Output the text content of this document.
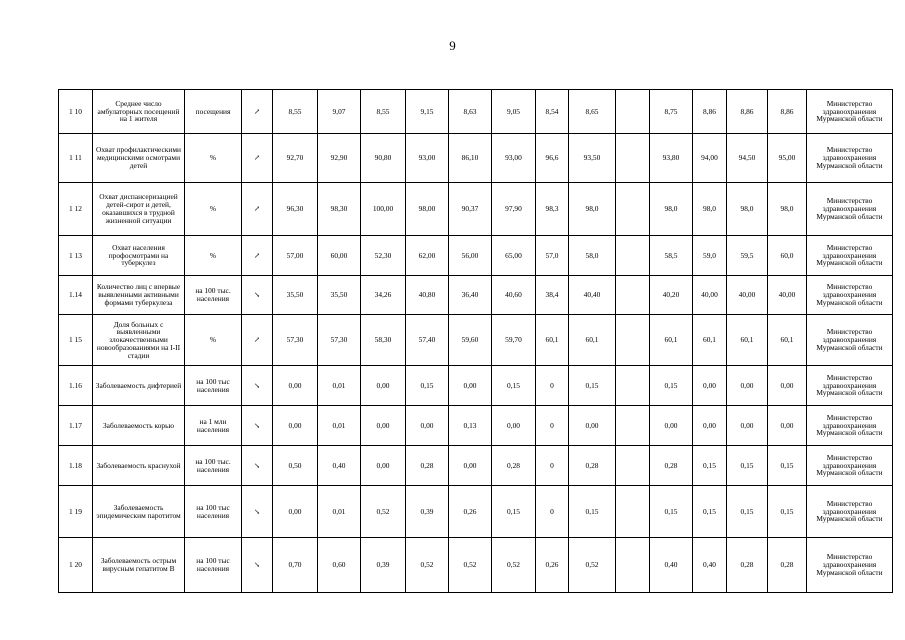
9
1 10	Среднее число амбулаторных посещений на 1 жителя	посещения	↗	8,55	9,07	8,55	9,15	8,63	9,05	8,54	8,65		8,75	8,86	8,86	8,86	Министерство здравоохранения Мурманской области
1 11	Охват профилактическими медицинскими осмотрами детей	%	↗	92,70	92,90	90,80	93,00	86,10	93,00	96,6	93,50		93,80	94,00	94,50	95,00	Министерство здравоохранения Мурманской области
1 12	Охват диспансеризацией детей-сирот и детей, оказавшихся в трудной жизненной ситуации	%	↗	96,30	98,30	100,00	98,00	90,37	97,90	98,3	98,0		98,0	98,0	98,0	98,0	Министерство здравоохранения Мурманской области
1 13	Охват населения профосмотрами на туберкулез	%	↗	57,00	60,00	52,30	62,00	56,00	65,00	57,0	58,0		58,5	59,0	59,5	60,0	Министерство здравоохранения Мурманской области
1.14	Количество лиц с впервые выявленными активными формами туберкулеза	на 100 тыс. населения	↘	35,50	35,50	34,26	40,80	36,40	40,60	38,4	40,40		40,20	40,00	40,00	40,00	Министерство здравоохранения Мурманской области
1 15	Доля больных с выявленными злокачественными новообразованиями на I-II стадии	%	↗	57,30	57,30	58,30	57,40	59,60	59,70	60,1	60,1		60,1	60,1	60,1	60,1	Министерство здравоохранения Мурманской области
1.16	Заболеваемость дифтерией	на 100 тыс населения	↘	0,00	0,01	0,00	0,15	0,00	0,15	0	0,15		0,15	0,00	0,00	0,00	Министерство здравоохранения Мурманской области
1.17	Заболеваемость корью	на 1 млн населения	↘	0,00	0,01	0,00	0,00	0,13	0,00	0	0,00		0,00	0,00	0,00	0,00	Министерство здравоохранения Мурманской области
1.18	Заболеваемость краснухой	на 100 тыс. населения	↘	0,50	0,40	0,00	0,28	0,00	0,28	0	0,28		0,28	0,15	0,15	0,15	Министерство здравоохранения Мурманской области
1 19	Заболеваемость эпидемическим паротитом	на 100 тыс населения	↘	0,00	0,01	0,52	0,39	0,26	0,15	0	0,15		0,15	0,15	0,15	0,15	Министерство здравоохранения Мурманской области
1 20	Заболеваемость острым вирусным гепатитом B	на 100 тыс населения	↘	0,70	0,60	0,39	0,52	0,52	0,52	0,26	0,52		0,40	0,40	0,28	0,28	Министерство здравоохранения Мурманской области
